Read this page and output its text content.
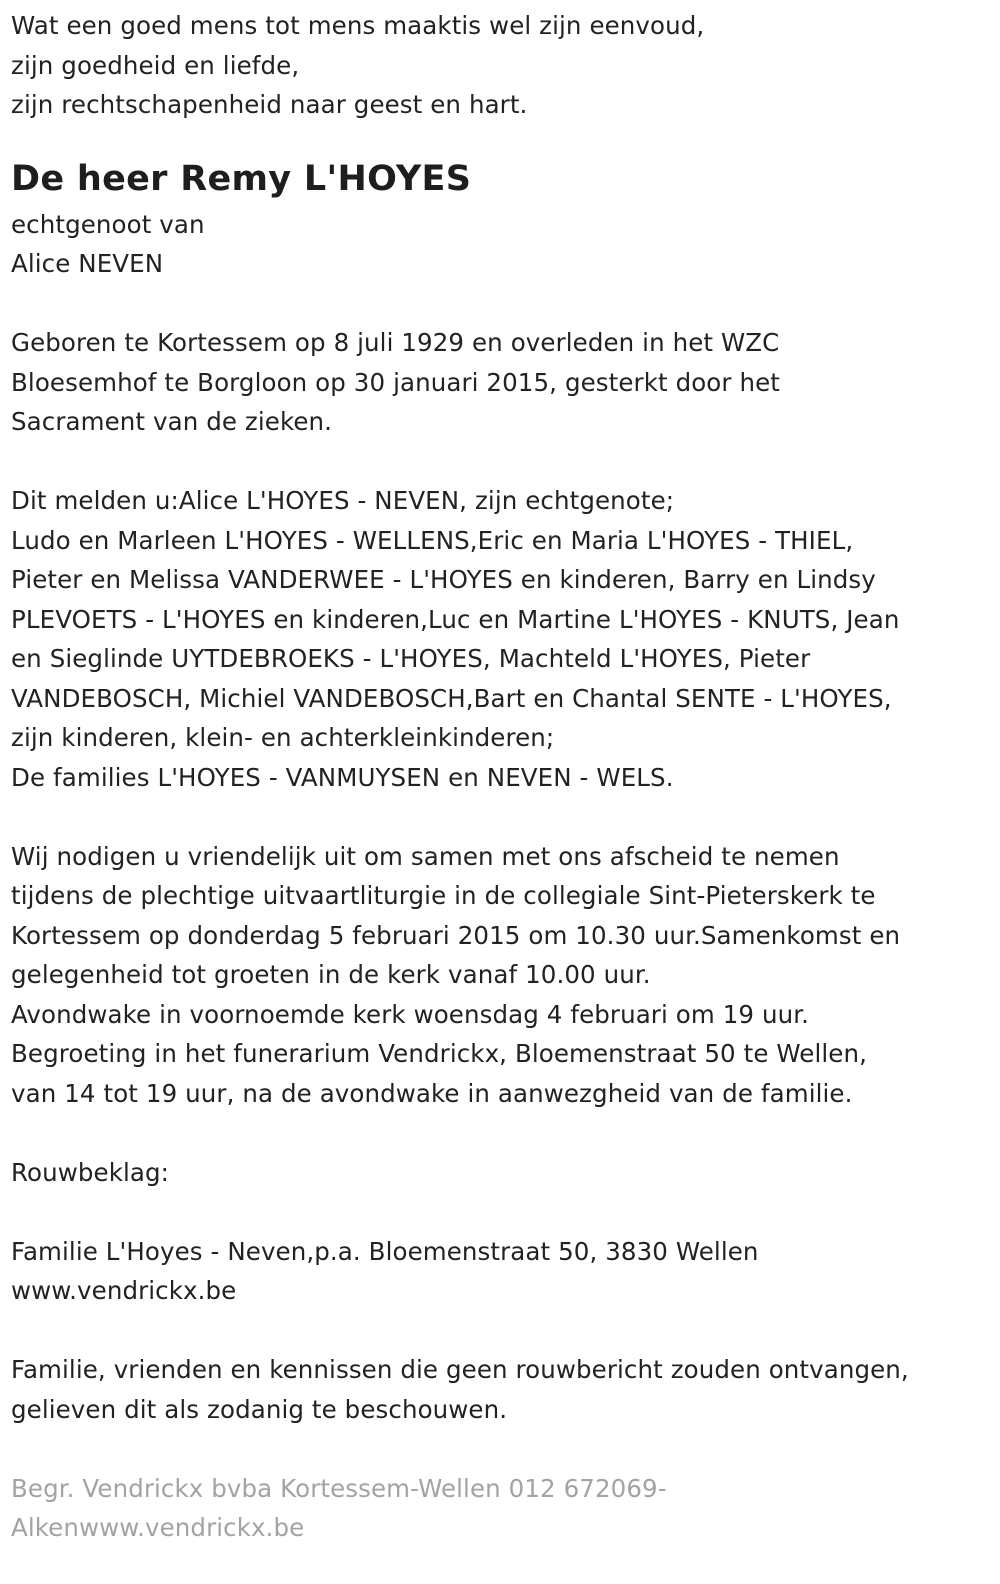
Wat een goed mens tot mens maaktis wel zijn eenvoud,
zijn goedheid en liefde,
zijn rechtschapenheid naar geest en hart.
De heer Remy L'HOYES
echtgenoot van
Alice NEVEN
Geboren te Kortessem op 8 juli 1929 en overleden in het WZC
Bloesemhof te Borgloon op 30 januari 2015, gesterkt door het
Sacrament van de zieken.
Dit melden u:Alice L'HOYES - NEVEN, zijn echtgenote;
Ludo en Marleen L'HOYES - WELLENS,Eric en Maria L'HOYES - THIEL,
Pieter en Melissa VANDERWEE - L'HOYES en kinderen, Barry en Lindsy
PLEVOETS - L'HOYES en kinderen,Luc en Martine L'HOYES - KNUTS, Jean
en Sieglinde UYTDEBROEKS - L'HOYES, Machteld L'HOYES, Pieter
VANDEBOSCH, Michiel VANDEBOSCH,Bart en Chantal SENTE - L'HOYES,
zijn kinderen, klein- en achterkleinkinderen;
De families L'HOYES - VANMUYSEN en NEVEN - WELS.
Wij nodigen u vriendelijk uit om samen met ons afscheid te nemen
tijdens de plechtige uitvaartliturgie in de collegiale Sint-Pieterskerk te
Kortessem op donderdag 5 februari 2015 om 10.30 uur.Samenkomst en
gelegenheid tot groeten in de kerk vanaf 10.00 uur.
Avondwake in voornoemde kerk woensdag 4 februari om 19 uur.
Begroeting in het funerarium Vendrickx, Bloemenstraat 50 te Wellen,
van 14 tot 19 uur, na de avondwake in aanwezgheid van de familie.
Rouwbeklag:
Familie L'Hoyes - Neven,p.a. Bloemenstraat 50, 3830 Wellen
www.vendrickx.be
Familie, vrienden en kennissen die geen rouwbericht zouden ontvangen,
gelieven dit als zodanig te beschouwen.
Begr. Vendrickx bvba Kortessem-Wellen 012 672069-
Alkenwww.vendrickx.be
